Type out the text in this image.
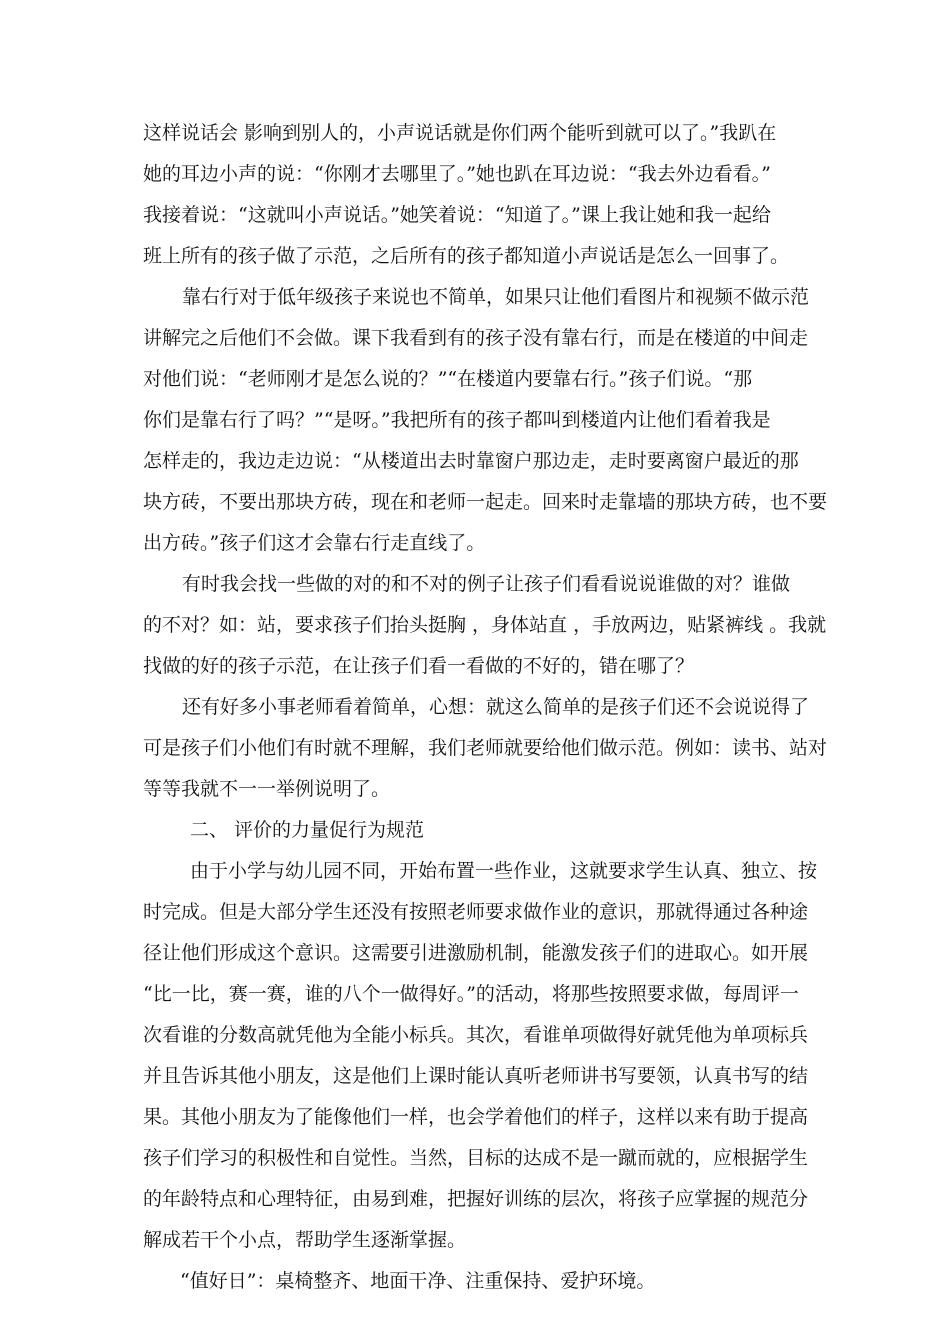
这样说话会 影响到别人的，小声说话就是你们两个能听到就可以了。”我趴在
她的耳边小声的说：“你刚才去哪里了。”她也趴在耳边说：“我去外边看看。”
我接着说：“这就叫小声说话。”她笑着说：“知道了。”课上我让她和我一起给
班上所有的孩子做了示范，之后所有的孩子都知道小声说话是怎么一回事了。
靠右行对于低年级孩子来说也不简单，如果只让他们看图片和视频不做示范
讲解完之后他们不会做。课下我看到有的孩子没有靠右行，而是在楼道的中间走
对他们说：“老师刚才是怎么说的？”“在楼道内要靠右行。”孩子们说。“那
你们是靠右行了吗？”“是呀。”我把所有的孩子都叫到楼道内让他们看着我是
怎样走的，我边走边说：“从楼道出去时靠窗户那边走，走时要离窗户最近的那
块方砖，不要出那块方砖，现在和老师一起走。回来时走靠墙的那块方砖，也不要
出方砖。”孩子们这才会靠右行走直线了。
有时我会找一些做的对的和不对的例子让孩子们看看说说谁做的对？谁做
的不对？如：站，要求孩子们抬头挺胸 ，身体站直 ，手放两边，贴紧裤线 。我就
找做的好的孩子示范，在让孩子们看一看做的不好的，错在哪了？
还有好多小事老师看着简单，心想：就这么简单的是孩子们还不会说说得了
可是孩子们小他们有时就不理解，我们老师就要给他们做示范。例如：读书、站对
等等我就不一一举例说明了。
二、 评价的力量促行为规范
由于小学与幼儿园不同，开始布置一些作业，这就要求学生认真、独立、按
时完成。但是大部分学生还没有按照老师要求做作业的意识，那就得通过各种途
径让他们形成这个意识。这需要引进激励机制，能激发孩子们的进取心。如开展
“比一比，赛一赛，谁的八个一做得好。”的活动，将那些按照要求做，每周评一
次看谁的分数高就凭他为全能小标兵。其次，看谁单项做得好就凭他为单项标兵
并且告诉其他小朋友，这是他们上课时能认真听老师讲书写要领，认真书写的结
果。其他小朋友为了能像他们一样，也会学着他们的样子，这样以来有助于提高
孩子们学习的积极性和自觉性。当然，目标的达成不是一蹴而就的，应根据学生
的年龄特点和心理特征，由易到难，把握好训练的层次，将孩子应掌握的规范分
解成若干个小点，帮助学生逐渐掌握。
“值好日”：桌椅整齐、地面干净、注重保持、爱护环境。
